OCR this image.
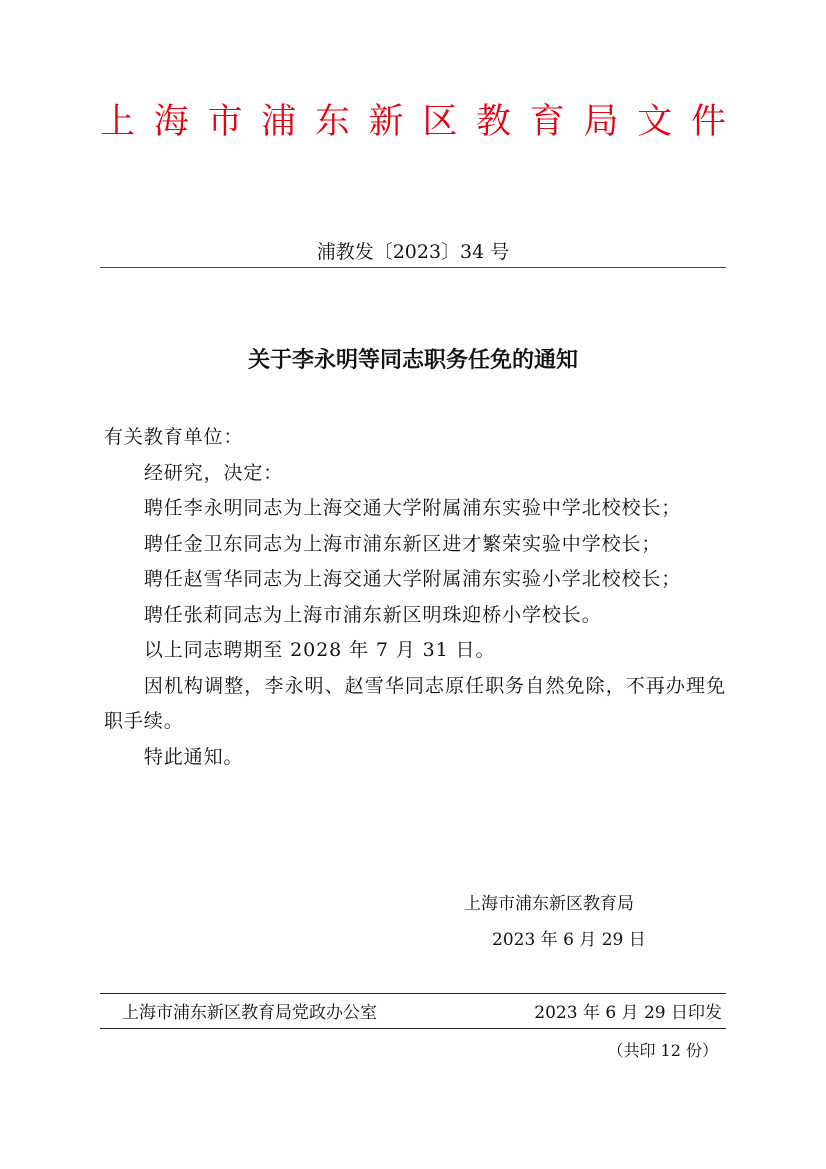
上 海 市 浦 东 新 区 教 育 局 文 件
浦教发〔2023〕34 号
关于李永明等同志职务任免的通知

有关教育单位：

经研究，决定：

聘任李永明同志为上海交通大学附属浦东实验中学北校校长；

聘任金卫东同志为上海市浦东新区进才繁荣实验中学校长；

聘任赵雪华同志为上海交通大学附属浦东实验小学北校校长；

聘任张莉同志为上海市浦东新区明珠迎桥小学校长。

以上同志聘期至 2028 年 7 月 31 日。

因机构调整，李永明、赵雪华同志原任职务自然免除，不再办理免职手续。

特此通知。

上海市浦东新区教育局
2023 年 6 月 29 日
上海市浦东新区教育局党政办公室	2023 年 6 月 29 日印发
（共印 12 份）
